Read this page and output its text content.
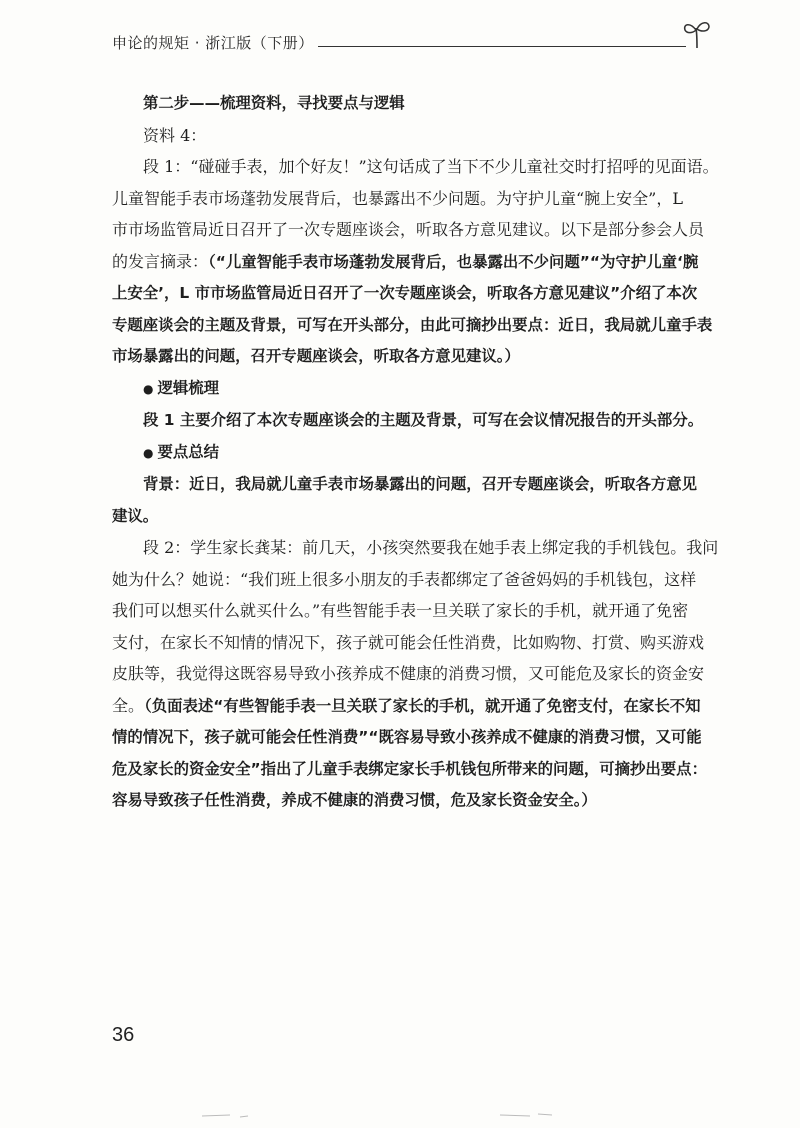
申论的规矩 · 浙江版（下册）
第二步——梳理资料，寻找要点与逻辑
资料 4：
段 1：“碰碰手表，加个好友！”这句话成了当下不少儿童社交时打招呼的见面语。
儿童智能手表市场蓬勃发展背后，也暴露出不少问题。为守护儿童“腕上安全”，L
市市场监管局近日召开了一次专题座谈会，听取各方意见建议。以下是部分参会人员
的发言摘录：（“儿童智能手表市场蓬勃发展背后，也暴露出不少问题”“为守护儿童‘腕
上安全’，L 市市场监管局近日召开了一次专题座谈会，听取各方意见建议”介绍了本次
专题座谈会的主题及背景，可写在开头部分，由此可摘抄出要点：近日，我局就儿童手表
市场暴露出的问题，召开专题座谈会，听取各方意见建议。）
● 逻辑梳理
段 1 主要介绍了本次专题座谈会的主题及背景，可写在会议情况报告的开头部分。
● 要点总结
背景：近日，我局就儿童手表市场暴露出的问题，召开专题座谈会，听取各方意见
建议。
段 2：学生家长龚某：前几天，小孩突然要我在她手表上绑定我的手机钱包。我问
她为什么？她说：“我们班上很多小朋友的手表都绑定了爸爸妈妈的手机钱包，这样
我们可以想买什么就买什么。”有些智能手表一旦关联了家长的手机，就开通了免密
支付，在家长不知情的情况下，孩子就可能会任性消费，比如购物、打赏、购买游戏
皮肤等，我觉得这既容易导致小孩养成不健康的消费习惯，又可能危及家长的资金安
全。（负面表述“有些智能手表一旦关联了家长的手机，就开通了免密支付，在家长不知
情的情况下，孩子就可能会任性消费”“既容易导致小孩养成不健康的消费习惯，又可能
危及家长的资金安全”指出了儿童手表绑定家长手机钱包所带来的问题，可摘抄出要点：
容易导致孩子任性消费，养成不健康的消费习惯，危及家长资金安全。）
36
